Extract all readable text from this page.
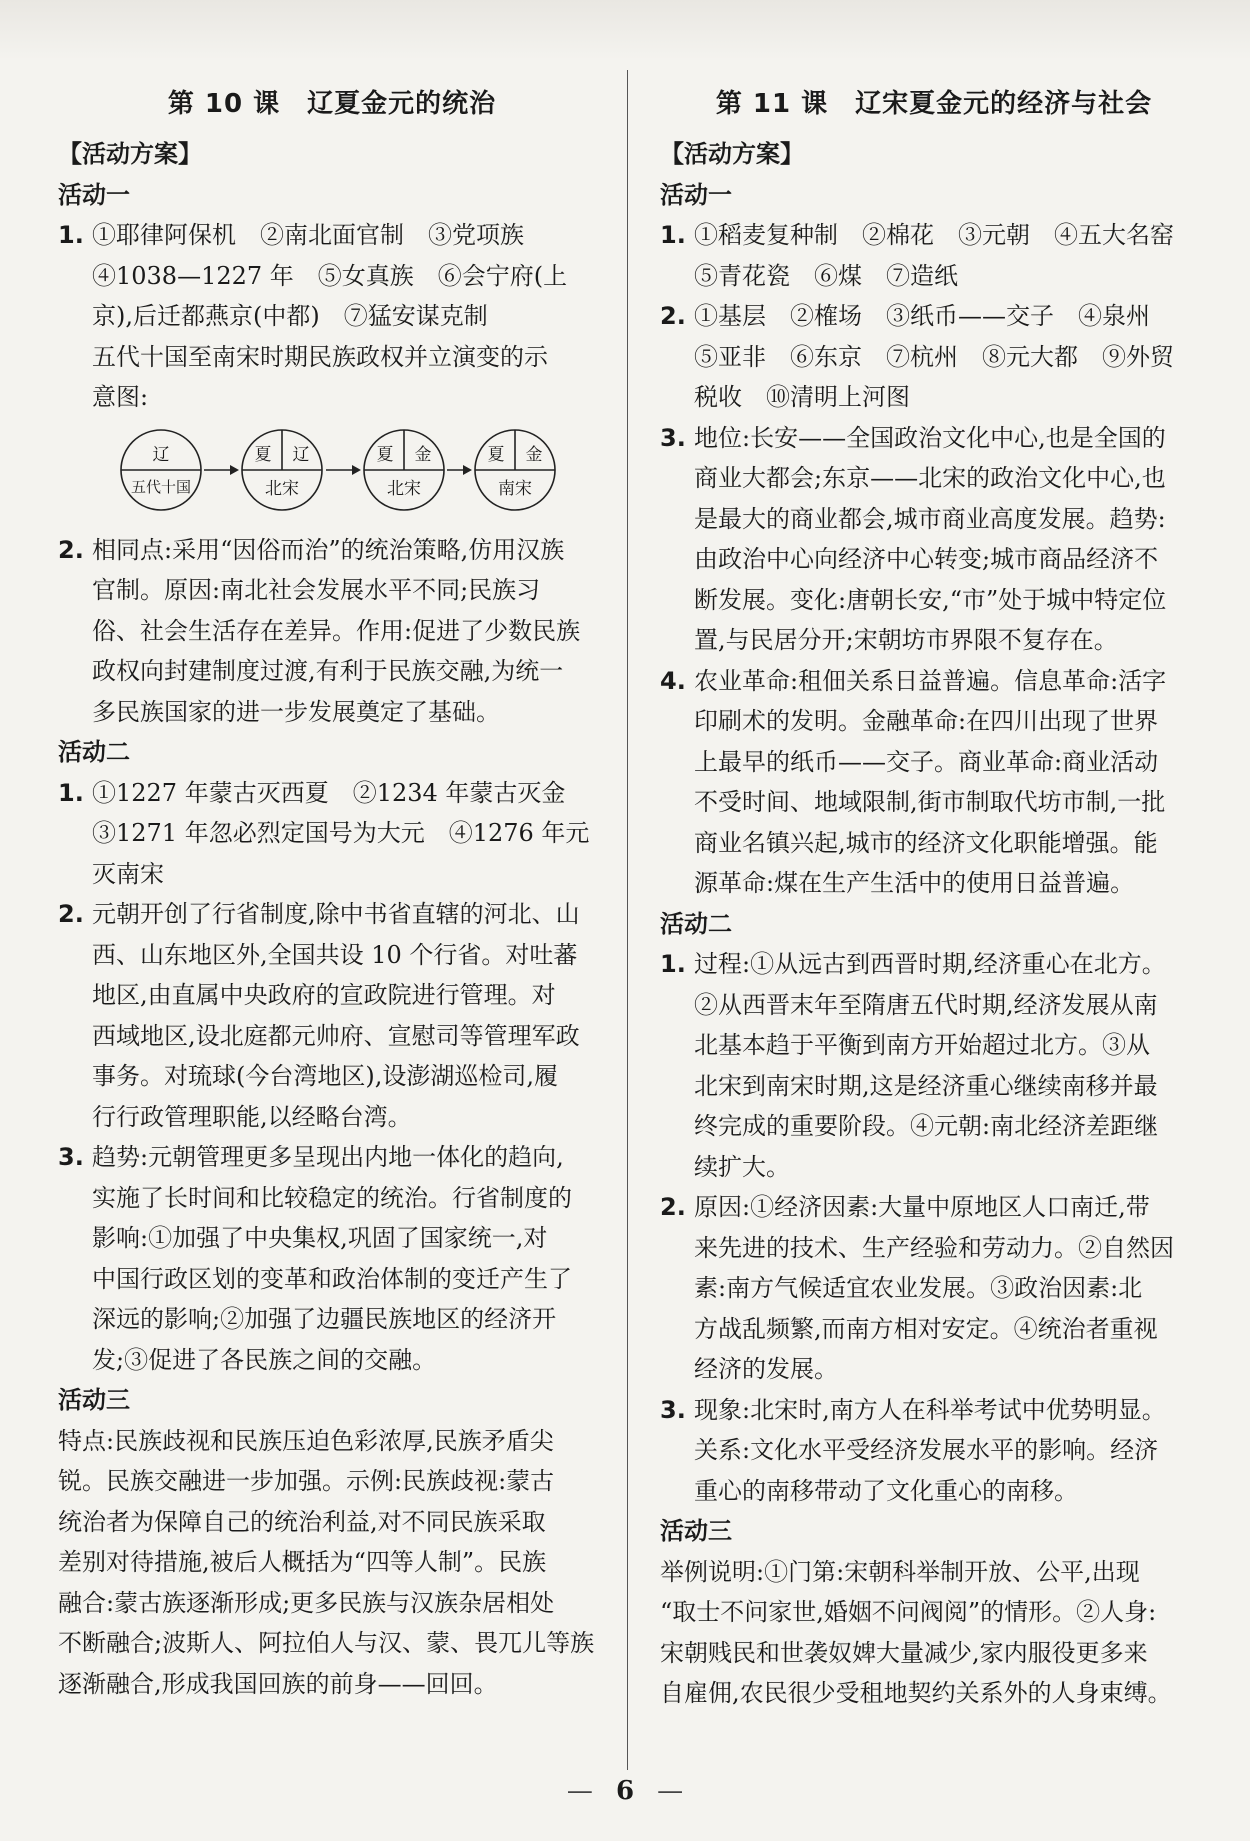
第 10 课　辽夏金元的统治
【活动方案】
活动一
1. ①耶律阿保机　②南北面官制　③党项族
④1038—1227 年　⑤女真族　⑥会宁府(上
京),后迁都燕京(中都)　⑦猛安谋克制
五代十国至南宋时期民族政权并立演变的示
意图:
辽
五代十国
夏 辽
北宋
夏 金
北宋
夏 金
南宋
2. 相同点:采用“因俗而治”的统治策略,仿用汉族
官制。原因:南北社会发展水平不同;民族习
俗、社会生活存在差异。作用:促进了少数民族
政权向封建制度过渡,有利于民族交融,为统一
多民族国家的进一步发展奠定了基础。
活动二
1. ①1227 年蒙古灭西夏　②1234 年蒙古灭金
③1271 年忽必烈定国号为大元　④1276 年元
灭南宋
2. 元朝开创了行省制度,除中书省直辖的河北、山
西、山东地区外,全国共设 10 个行省。对吐蕃
地区,由直属中央政府的宣政院进行管理。对
西域地区,设北庭都元帅府、宣慰司等管理军政
事务。对琉球(今台湾地区),设澎湖巡检司,履
行行政管理职能,以经略台湾。
3. 趋势:元朝管理更多呈现出内地一体化的趋向,
实施了长时间和比较稳定的统治。行省制度的
影响:①加强了中央集权,巩固了国家统一,对
中国行政区划的变革和政治体制的变迁产生了
深远的影响;②加强了边疆民族地区的经济开
发;③促进了各民族之间的交融。
活动三
特点:民族歧视和民族压迫色彩浓厚,民族矛盾尖
锐。民族交融进一步加强。示例:民族歧视:蒙古
统治者为保障自己的统治利益,对不同民族采取
差别对待措施,被后人概括为“四等人制”。民族
融合:蒙古族逐渐形成;更多民族与汉族杂居相处
不断融合;波斯人、阿拉伯人与汉、蒙、畏兀儿等族
逐渐融合,形成我国回族的前身——回回。
第 11 课　辽宋夏金元的经济与社会
【活动方案】
活动一
1. ①稻麦复种制　②棉花　③元朝　④五大名窑
⑤青花瓷　⑥煤　⑦造纸
2. ①基层　②榷场　③纸币——交子　④泉州
⑤亚非　⑥东京　⑦杭州　⑧元大都　⑨外贸
税收　⑩清明上河图
3. 地位:长安——全国政治文化中心,也是全国的
商业大都会;东京——北宋的政治文化中心,也
是最大的商业都会,城市商业高度发展。趋势:
由政治中心向经济中心转变;城市商品经济不
断发展。变化:唐朝长安,“市”处于城中特定位
置,与民居分开;宋朝坊市界限不复存在。
4. 农业革命:租佃关系日益普遍。信息革命:活字
印刷术的发明。金融革命:在四川出现了世界
上最早的纸币——交子。商业革命:商业活动
不受时间、地域限制,街市制取代坊市制,一批
商业名镇兴起,城市的经济文化职能增强。能
源革命:煤在生产生活中的使用日益普遍。
活动二
1. 过程:①从远古到西晋时期,经济重心在北方。
②从西晋末年至隋唐五代时期,经济发展从南
北基本趋于平衡到南方开始超过北方。③从
北宋到南宋时期,这是经济重心继续南移并最
终完成的重要阶段。④元朝:南北经济差距继
续扩大。
2. 原因:①经济因素:大量中原地区人口南迁,带
来先进的技术、生产经验和劳动力。②自然因
素:南方气候适宜农业发展。③政治因素:北
方战乱频繁,而南方相对安定。④统治者重视
经济的发展。
3. 现象:北宋时,南方人在科举考试中优势明显。
关系:文化水平受经济发展水平的影响。经济
重心的南移带动了文化重心的南移。
活动三
举例说明:①门第:宋朝科举制开放、公平,出现
“取士不问家世,婚姻不问阀阅”的情形。②人身:
宋朝贱民和世袭奴婢大量减少,家内服役更多来
自雇佣,农民很少受租地契约关系外的人身束缚。
— 6 —
